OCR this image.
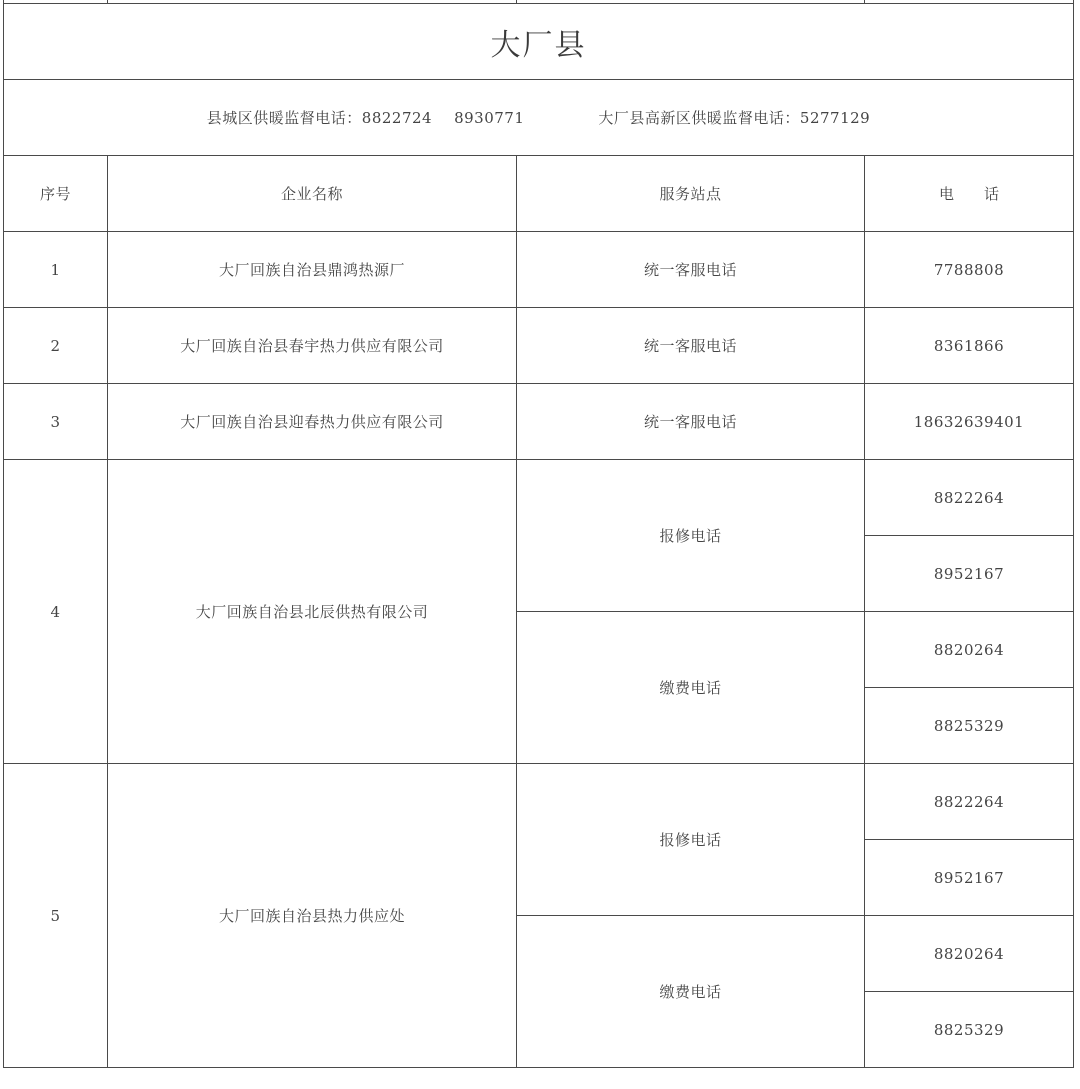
大厂县			
县城区供暖监督电话：8822724 8930771 大厂县高新区供暖监督电话：5277129			
序号	企业名称	服务站点	电 话
1	大厂回族自治县鼎鸿热源厂	统一客服电话	7788808
2	大厂回族自治县春宇热力供应有限公司	统一客服电话	8361866
3	大厂回族自治县迎春热力供应有限公司	统一客服电话	18632639401
4	大厂回族自治县北辰供热有限公司	报修电话	8822264
			8952167
		缴费电话	8820264
			8825329
5	大厂回族自治县热力供应处	报修电话	8822264
			8952167
		缴费电话	8820264
			8825329
